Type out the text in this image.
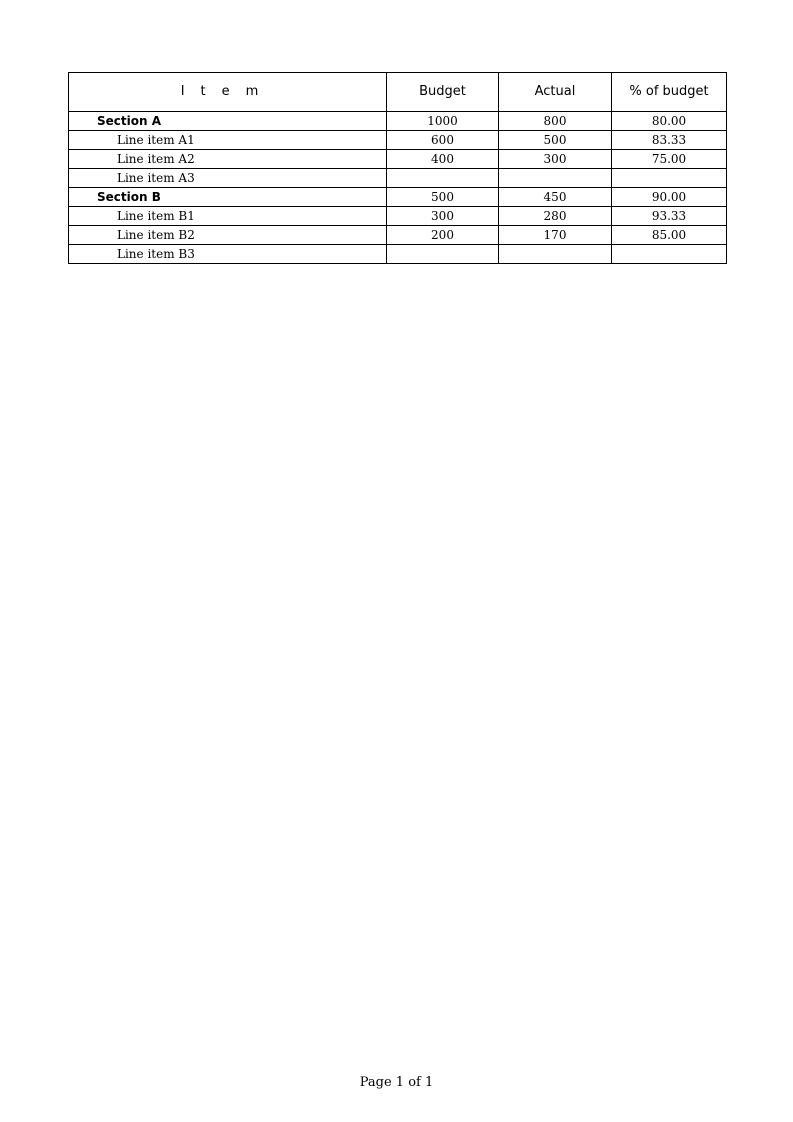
Item	Budget	Actual	% of budget
Section A	1000	800	80.00
Line item A1	600	500	83.33
Line item A2	400	300	75.00
Line item A3			
Section B	500	450	90.00
Line item B1	300	280	93.33
Line item B2	200	170	85.00
Line item B3			
Page 1 of 1
